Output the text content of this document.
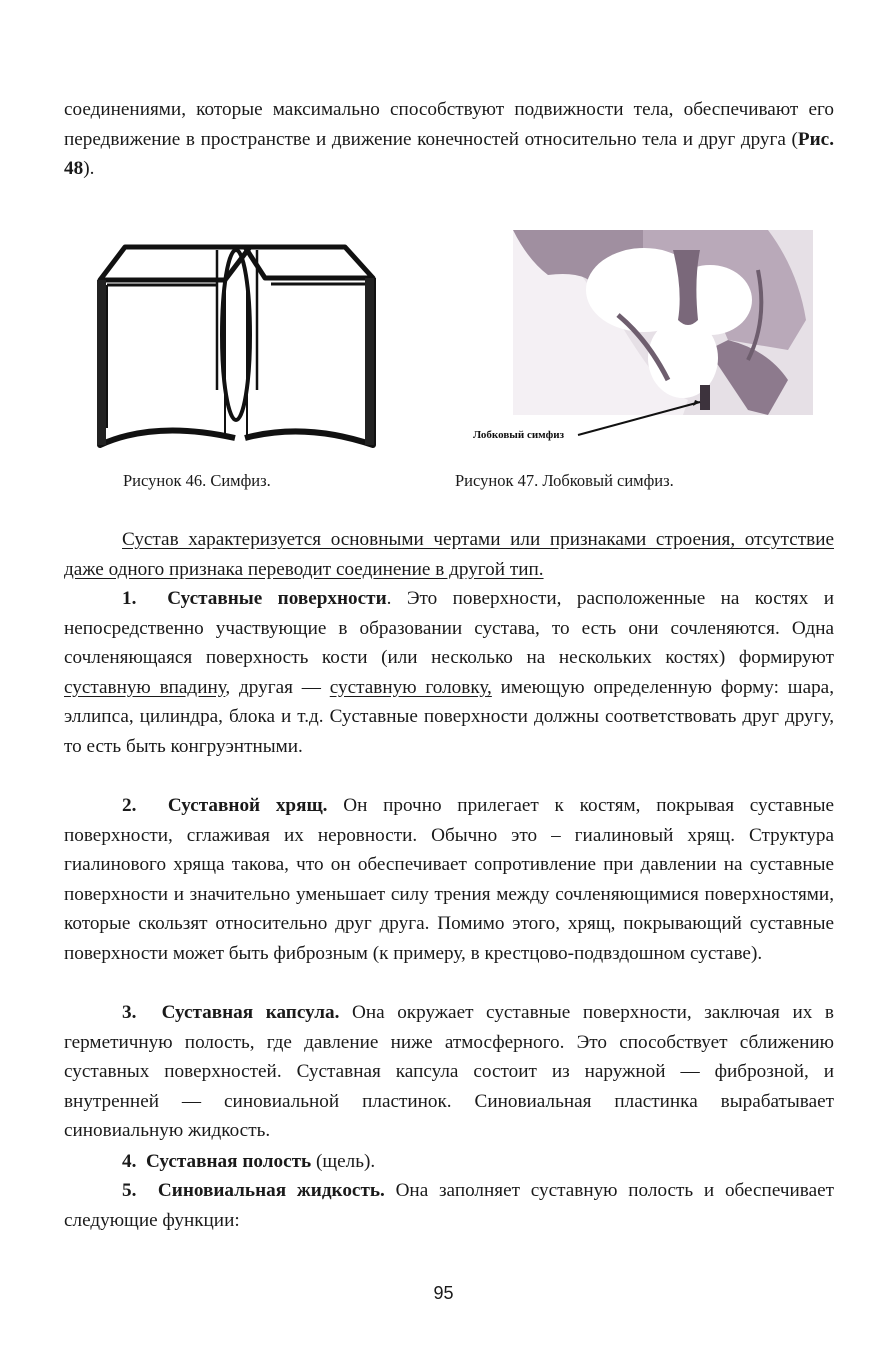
соединениями, которые максимально способствуют подвижности тела, обеспечивают его передвижение в пространстве и движение конечностей относительно тела и друг друга (Рис. 48).

Рисунок 46. Симфиз.

Лобковый симфиз

Рисунок 47. Лобковый симфиз.

Сустав характеризуется основными чертами или признаками строения, отсутствие даже одного признака переводит соединение в другой тип.

1. Суставные поверхности. Это поверхности, расположенные на костях и непосредственно участвующие в образовании сустава, то есть они сочленяются. Одна сочленяющаяся поверхность кости (или несколько на нескольких костях) формируют суставную впадину, другая — суставную головку, имеющую определенную форму: шара, эллипса, цилиндра, блока и т.д. Суставные поверхности должны соответствовать друг другу, то есть быть конгруэнтными.

2. Суставной хрящ. Он прочно прилегает к костям, покрывая суставные поверхности, сглаживая их неровности. Обычно это – гиалиновый хрящ. Структура гиалинового хряща такова, что он обеспечивает сопротивление при давлении на суставные поверхности и значительно уменьшает силу трения между сочленяющимися поверхностями, которые скользят относительно друг друга. Помимо этого, хрящ, покрывающий суставные поверхности может быть фиброзным (к примеру, в крестцово-подвздошном суставе).

3. Суставная капсула. Она окружает суставные поверхности, заключая их в герметичную полость, где давление ниже атмосферного. Это способствует сближению суставных поверхностей. Суставная капсула состоит из наружной — фиброзной, и внутренней — синовиальной пластинок. Синовиальная пластинка вырабатывает синовиальную жидкость.

4. Суставная полость (щель).

5. Синовиальная жидкость. Она заполняет суставную полость и обеспечивает следующие функции:

95
